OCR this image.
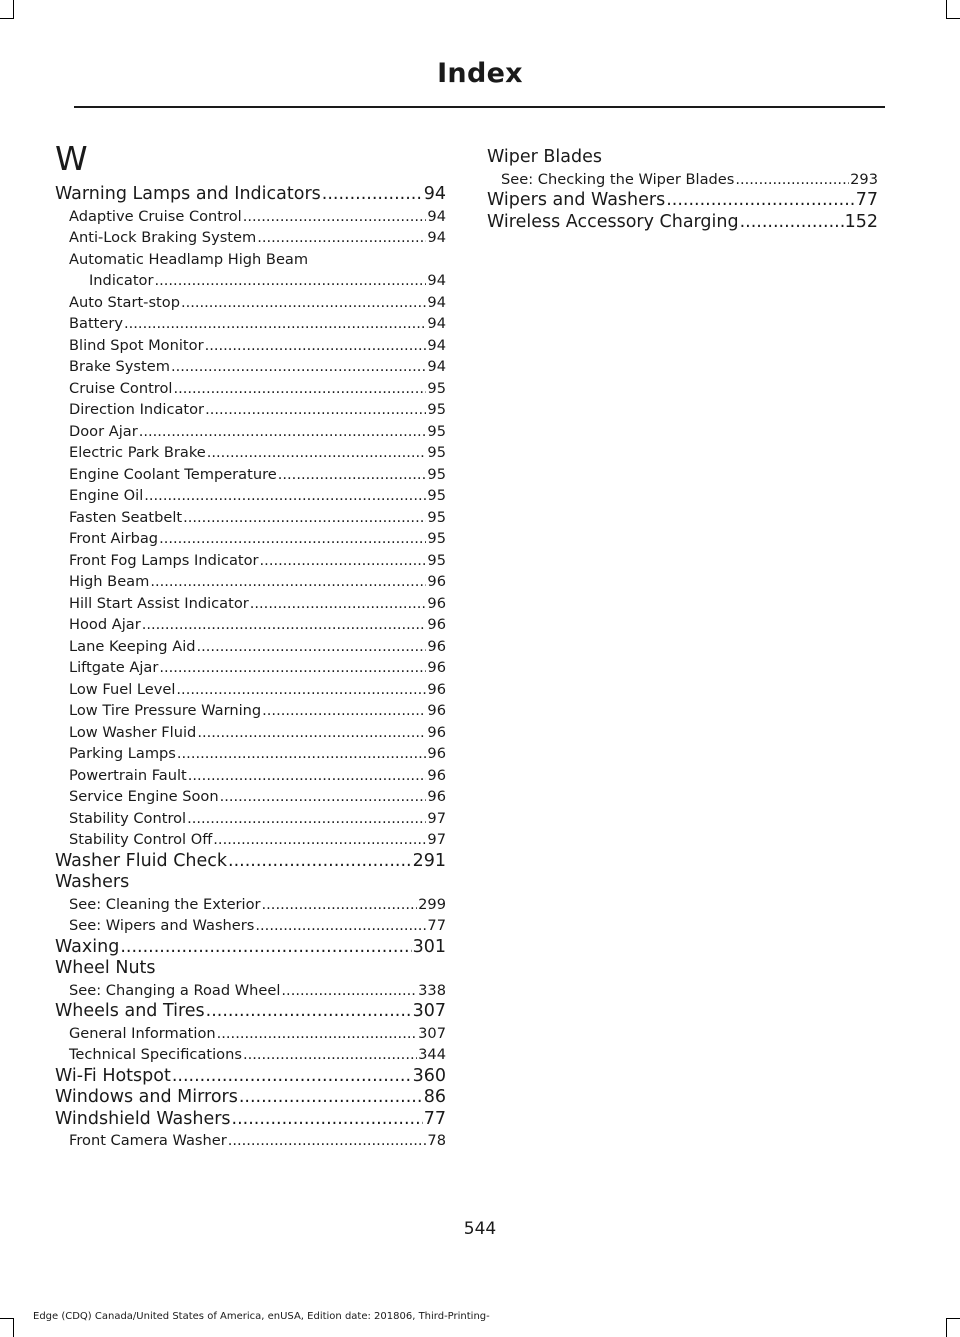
Index
W
Warning Lamps and Indicators .....	94
Adaptive Cruise Control .....	94
Anti-Lock Braking System .....	94
Automatic Headlamp High Beam
Indicator .....	94
Auto Start-stop .....	94
Battery .....	94
Blind Spot Monitor .....	94
Brake System .....	94
Cruise Control .....	95
Direction Indicator .....	95
Door Ajar .....	95
Electric Park Brake .....	95
Engine Coolant Temperature .....	95
Engine Oil .....	95
Fasten Seatbelt .....	95
Front Airbag .....	95
Front Fog Lamps Indicator .....	95
High Beam .....	96
Hill Start Assist Indicator .....	96
Hood Ajar .....	96
Lane Keeping Aid .....	96
Liftgate Ajar .....	96
Low Fuel Level .....	96
Low Tire Pressure Warning .....	96
Low Washer Fluid .....	96
Parking Lamps .....	96
Powertrain Fault .....	96
Service Engine Soon .....	96
Stability Control .....	97
Stability Control Off .....	97
Washer Fluid Check .....	291
Washers
See: Cleaning the Exterior .....	299
See: Wipers and Washers .....	77
Waxing .....	301
Wheel Nuts
See: Changing a Road Wheel .....	338
Wheels and Tires .....	307
General Information .....	307
Technical Specifications .....	344
Wi-Fi Hotspot .....	360
Windows and Mirrors .....	86
Windshield Washers .....	77
Front Camera Washer .....	78
Wiper Blades
See: Checking the Wiper Blades .....	293
Wipers and Washers .....	77
Wireless Accessory Charging .....	152
544
Edge (CDQ) Canada/United States of America, enUSA, Edition date: 201806, Third-Printing-
